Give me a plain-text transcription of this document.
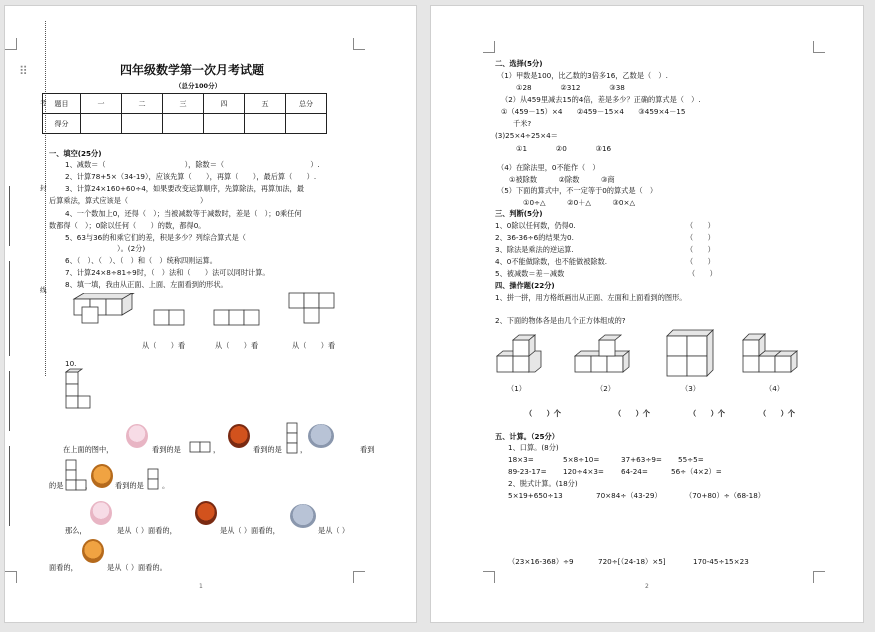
⠿	四年级数学第一次月考试题
（总分100分）
考
封
线
题目	一	二	三	四	五	总分
得分						
一、填空(25分)
1、减数＝（　　　　　　　　　　　），除数＝（　　　　　　　　　　　　）.
2、计算78+5×（34-19），应该先算（　　），再算（　　），最后算（　　）.
3、计算24×160+60÷4，如果要改变运算顺序，先算除法，再算加法，最
后算乘法，算式应该是（　　　　　　　　　　）
4、一个数加上0，还得（　）；当被减数等于减数时，差是（　）；0乘任何
数都得（　）；0除以任何（　　）的数，都得0。
5、63与36的和乘它们的差，积是多少？列综合算式是（
）。(2分)
6、（　）、（　）、（　）和（　）统称四则运算。
7、计算24×8÷81÷9时，（　）法和（　　）法可以同时计算。
8、填一填，我由从正面、上面、左面看到的形状。
从（　　）看	从（　　）看	从（　　）看
10.
在上面的图中，	看到的是	，	看到的是	，	看到
的是	，	看到的是	。
那么，	是从（ ）面看的，	是从（ ）面看的，	是从（ ）
面看的，	是从（ ）面看的。
1
二、选择(5分)
（1）甲数是100，比乙数的3倍多16，乙数是（　）.
①28　　　　②312　　　　③38
（2）从459里减去15的4倍，差是多少？正确的算式是（　）.
①（459－15）×4　　②459－15×4　　③459×4－15
千米?
(3)25×4÷25×4＝
①1　　　　②0　　　　③16
（4）在除法里，0不能作（　）
①被除数　　　②除数　　　③商
（5）下面的算式中，不一定等于0的算式是（　）
①0÷△　　　②0＋△　　　③0×△
三、判断(5分)
1、0除以任何数，仍得0.	（　　）
2、36-36÷6的结果为0.	（　　）
3、除法是乘法的逆运算.	（　　）
4、0不能做除数，也不能做被除数.	（　　）
5、被减数＝差－减数	（　　）
四、操作题(22分)
1、拼一拼，用方格纸画出从正面、左面和上面看到的图形。
2、下面的物体各是由几个正方体组成的?
（1）	（2）	（3）	（4）
（　　）个	（　　）个	（　　）个	（　　）个
五、计算。（25分）
1、口算。(8分)
18×3=	5×8÷10=	37+63÷9= 55÷5=
89-23-17= 120÷4×3= 64-24=	56÷（4×2）=
2、脱式计算。(18分)
5×19+650÷13	70×84÷（43-29）	（70+80）÷（68-18）
（23×16-368）÷9	720÷[（24-18）×5]	170-45÷15×23
2
